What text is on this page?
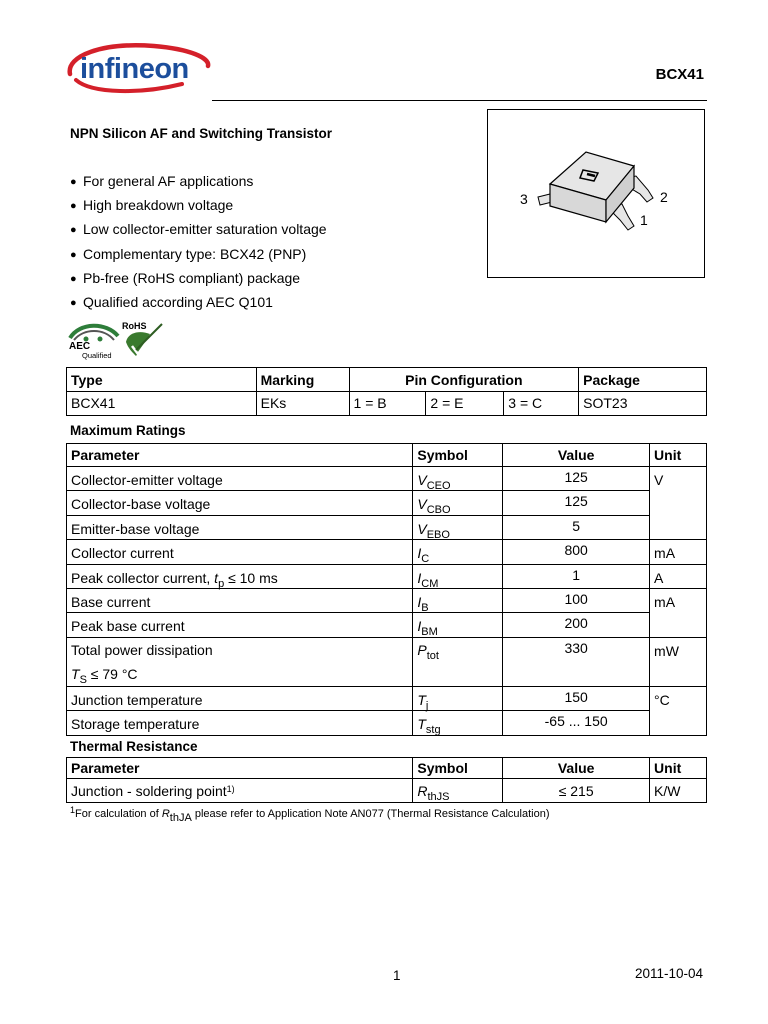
infineon	BCX41
NPN Silicon AF and Switching Transistor
● For general AF applications
● High breakdown voltage
● Low collector-emitter saturation voltage
● Complementary type: BCX42 (PNP)
● Pb-free (RoHS compliant) package
● Qualified according AEC Q101
3	2
1
AEC
Qualified
RoHS
Type	Marking	Pin Configuration			Package
BCX41	EKs	1 = B	2 = E	3 = C	SOT23
Maximum Ratings
Parameter	Symbol	Value	Unit
Collector-emitter voltage	$V_{CEO}$	125	V
Collector-base voltage	$V_{CBO}$	125	
Emitter-base voltage	$V_{EBO}$	5	
Collector current	$I_C$	800	mA
Peak collector current, $t_p \le 10$ ms	$I_{CM}$	1	A
Base current	$I_B$	100	mA
Peak base current	$I_{BM}$	200	
Total power dissipation
$T_S \le 79$ °C	$P_{tot}$	330	mW
Junction temperature	$T_j$	150	°C
Storage temperature	$T_{stg}$	-65 ... 150	
Thermal Resistance
Parameter	Symbol	Value	Unit
Junction - soldering point$^{1)}$	$R_{thJS}$	≤ 215	K/W
$^1$For calculation of $R_{thJA}$ please refer to Application Note AN077 (Thermal Resistance Calculation)
1	2011-10-04
